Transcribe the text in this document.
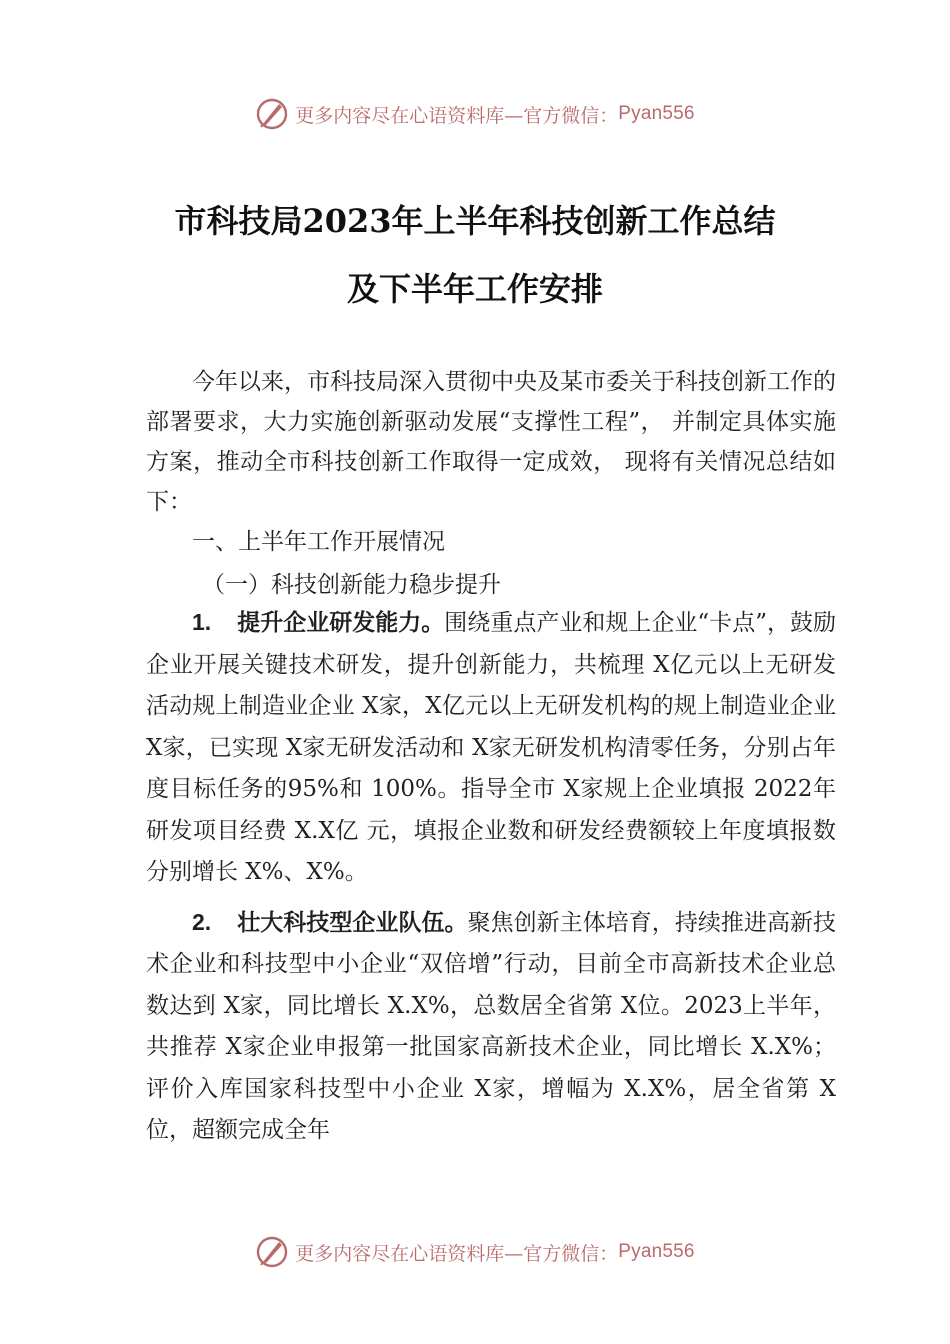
更多内容尽在心语资料库—官方微信： Pyan556
市科技局2023年上半年科技创新工作总结
及下半年工作安排

今年以来，市科技局深入贯彻中央及某市委关于科技创新工作的部署要求，大力实施创新驱动发展“支撑性工程”， 并制定具体实施方案，推动全市科技创新工作取得一定成效， 现将有关情况总结如下：

一、上半年工作开展情况

（一）科技创新能力稳步提升

1. 提升企业研发能力。围绕重点产业和规上企业“卡点”，鼓励企业开展关键技术研发，提升创新能力，共梳理 X亿元以上无研发活动规上制造业企业 X家，X亿元以上无研发机构的规上制造业企业 X家，已实现 X家无研发活动和 X家无研发机构清零任务，分别占年度目标任务的95%和 100%。指导全市 X家规上企业填报 2022年研发项目经费 X.X亿 元，填报企业数和研发经费额较上年度填报数分别增长 X%、X%。

2. 壮大科技型企业队伍。聚焦创新主体培育，持续推进高新技术企业和科技型中小企业“双倍增”行动，目前全市高新技术企业总数达到 X家，同比增长 X.X%，总数居全省第 X位。2023上半年，共推荐 X家企业申报第一批国家高新技术企业，同比增长 X.X%；评价入库国家科技型中小企业 X家，增幅为 X.X%，居全省第 X位，超额完成全年

更多内容尽在心语资料库—官方微信： Pyan556
